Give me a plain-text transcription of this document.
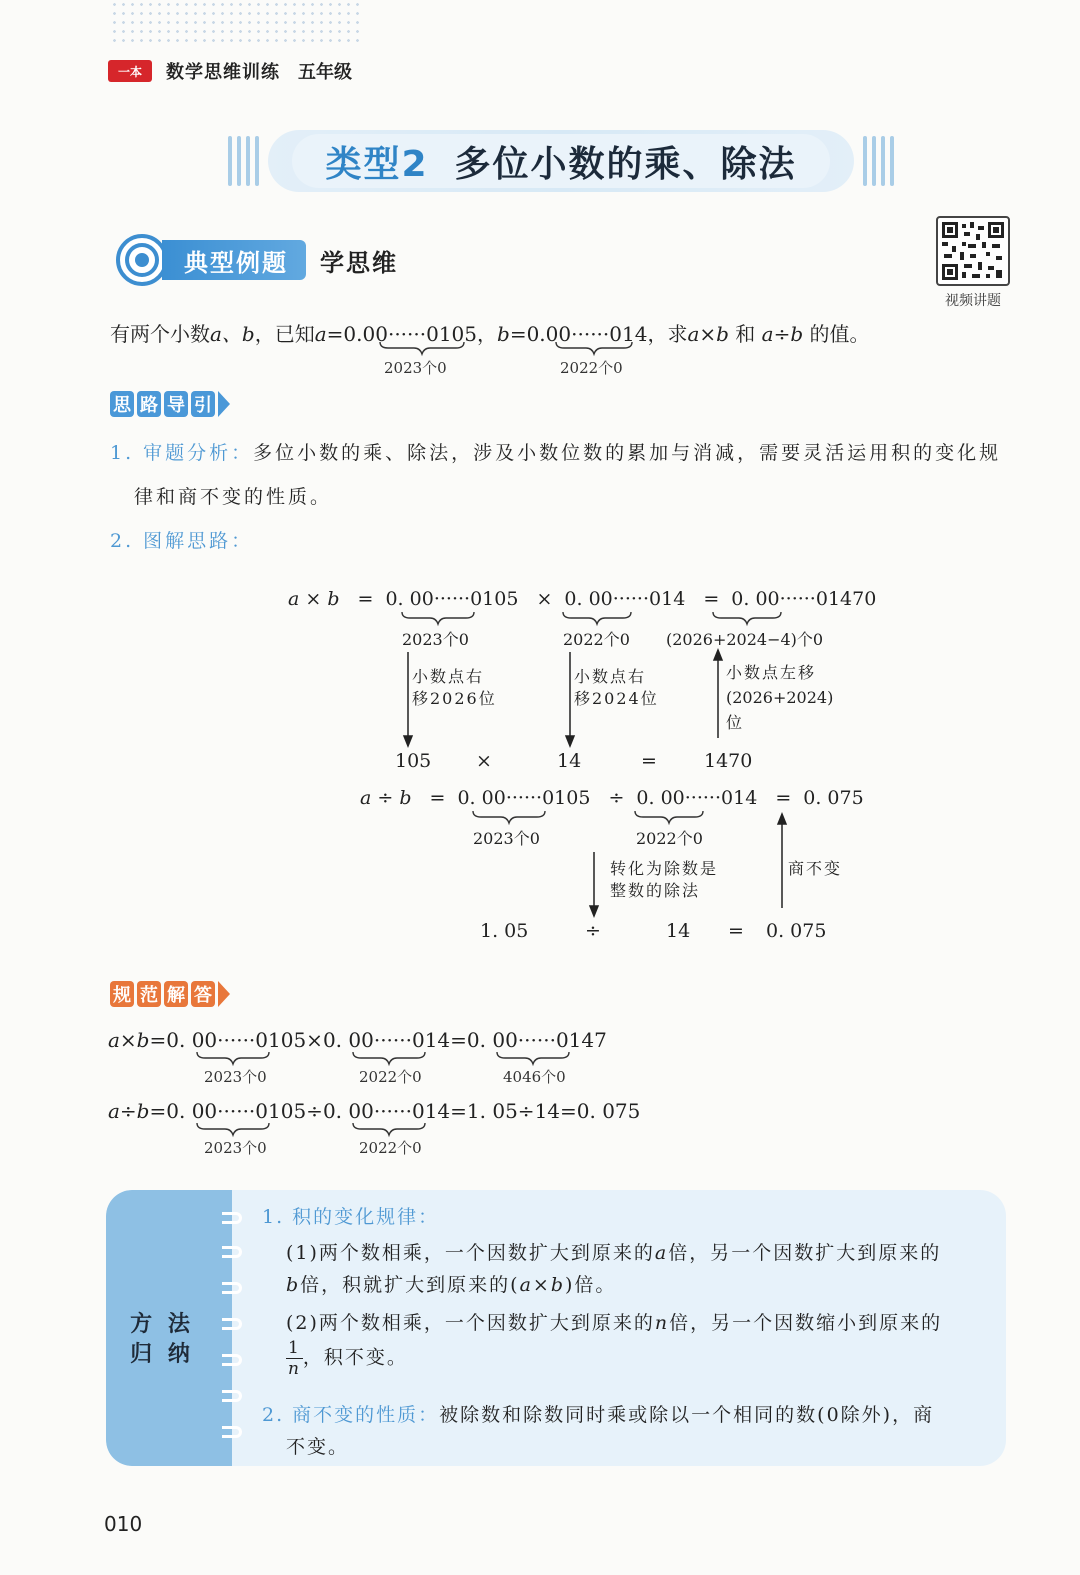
一本	数学思维训练 五年级
类型2 多位小数的乘、除法
典型例题	学思维
视频讲题
有两个小数a、b，已知a=0.00······0105，b=0.00······014，求a×b 和 a÷b 的值。
2023个0	2022个0
思 路 导 引
1. 审题分析：多位小数的乘、除法，涉及小数位数的累加与消减，需要灵活运用积的变化规
律和商不变的性质。
2. 图解思路：
a × b = 0. 00······0105 × 0. 00······014 = 0. 00······01470
2023个0	2022个0 (2026+2024−4)个0
小数点右
移2026位
小数点右
移2024位
小数点左移
(2026+2024)
位
105 ×	14	= 1470
a ÷ b = 0. 00······0105 ÷ 0. 00······014 = 0. 075
2023个0	2022个0
转化为除数是
整数的除法
商不变
1. 05	÷	14 = 0. 075
规 范 解 答
a×b=0. 00······0105×0. 00······014=0. 00······0147
2023个0	2022个0	4046个0
a÷b=0. 00······0105÷0. 00······014=1. 05÷14=0. 075
2023个0	2022个0
方 法
归 纳
1. 积的变化规律：
(1)两个数相乘，一个因数扩大到原来的a倍，另一个因数扩大到原来的
b倍，积就扩大到原来的(a×b)倍。
(2)两个数相乘，一个因数扩大到原来的n倍，另一个因数缩小到原来的
$\frac{1}{n}$ ，积不变。
2. 商不变的性质：被除数和除数同时乘或除以一个相同的数(0除外)，商
不变。
010
